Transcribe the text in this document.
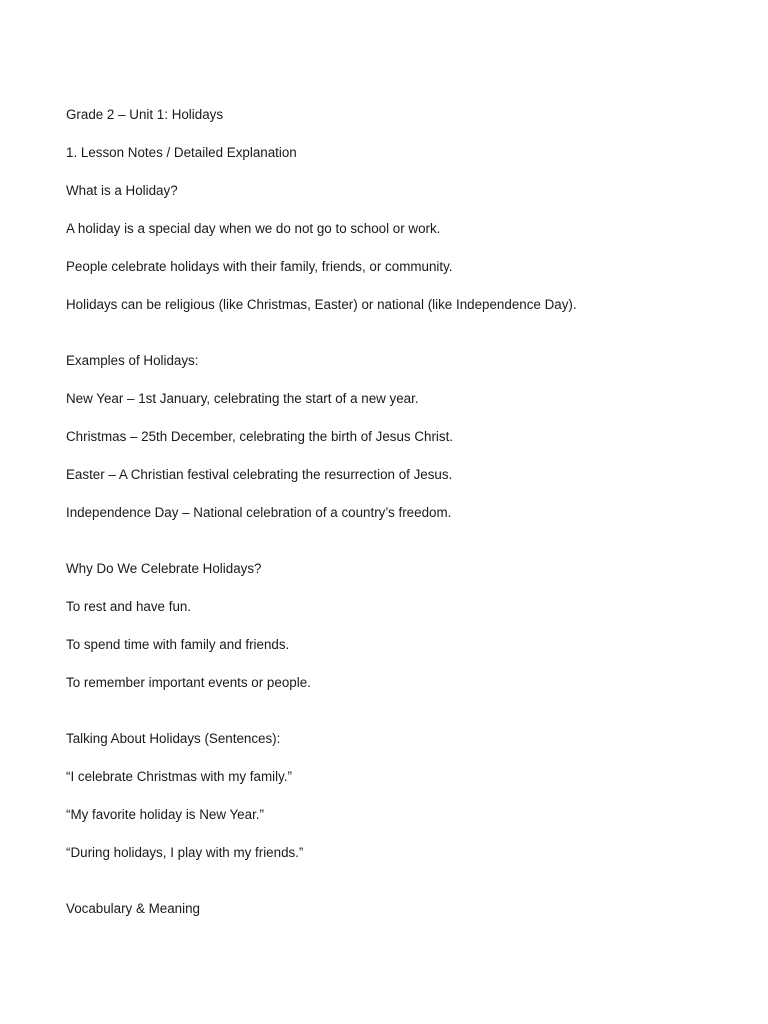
Grade 2 – Unit 1: Holidays

1. Lesson Notes / Detailed Explanation

What is a Holiday?

A holiday is a special day when we do not go to school or work.

People celebrate holidays with their family, friends, or community.

Holidays can be religious (like Christmas, Easter) or national (like Independence Day).

Examples of Holidays:

New Year – 1st January, celebrating the start of a new year.

Christmas – 25th December, celebrating the birth of Jesus Christ.

Easter – A Christian festival celebrating the resurrection of Jesus.

Independence Day – National celebration of a country’s freedom.

Why Do We Celebrate Holidays?

To rest and have fun.

To spend time with family and friends.

To remember important events or people.

Talking About Holidays (Sentences):

“I celebrate Christmas with my family.”

“My favorite holiday is New Year.”

“During holidays, I play with my friends.”

Vocabulary & Meaning
